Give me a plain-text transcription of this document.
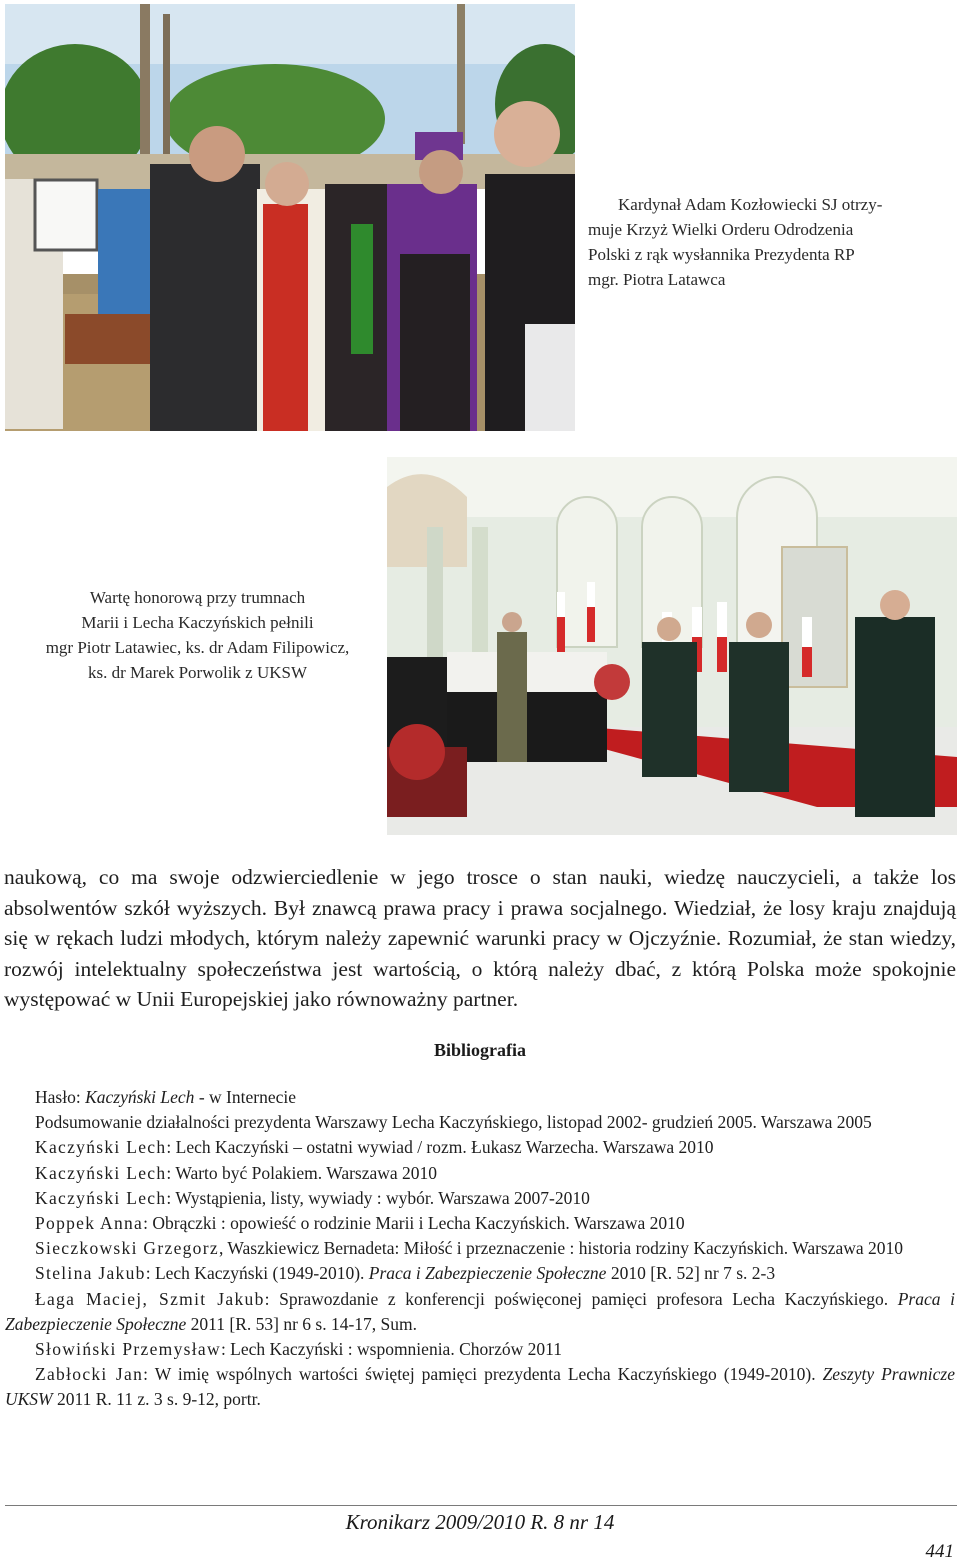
Kardynał Adam Kozłowiecki SJ otrzy-
muje Krzyż Wielki Orderu Odrodzenia
Polski z rąk wysłannika Prezydenta RP
mgr. Piotra Latawca
Wartę honorową przy trumnach
Marii i Lecha Kaczyńskich pełnili
mgr Piotr Latawiec, ks. dr Adam Filipowicz,
ks. dr Marek Porwolik z UKSW

naukową, co ma swoje odzwierciedlenie w jego trosce o stan nauki, wiedzę nauczycieli, a także los absolwentów szkół wyższych. Był znawcą prawa pracy i prawa socjalnego. Wiedział, że losy kraju znajdują się w rękach ludzi młodych, którym należy zapewnić warunki pracy w Ojczyźnie. Rozumiał, że stan wiedzy, rozwój intelektualny społeczeństwa jest wartością, o którą należy dbać, z którą Polska może spokojnie występować w Unii Europejskiej jako równoważny partner.

Bibliografia
Hasło: Kaczyński Lech - w Internecie
Podsumowanie działalności prezydenta Warszawy Lecha Kaczyńskiego, listopad 2002- grudzień 2005. Warszawa 2005
Kaczyński Lech: Lech Kaczyński – ostatni wywiad / rozm. Łukasz Warzecha. Warszawa 2010
Kaczyński Lech: Warto być Polakiem. Warszawa 2010
Kaczyński Lech: Wystąpienia, listy, wywiady : wybór. Warszawa 2007-2010
Poppek Anna: Obrączki : opowieść o rodzinie Marii i Lecha Kaczyńskich. Warszawa 2010
Sieczkowski Grzegorz, Waszkiewicz Bernadeta: Miłość i przeznaczenie : historia rodziny Kaczyńskich. Warszawa 2010
Stelina Jakub: Lech Kaczyński (1949-2010). Praca i Zabezpieczenie Społeczne 2010 [R. 52] nr 7 s. 2-3
Łaga Maciej, Szmit Jakub: Sprawozdanie z konferencji poświęconej pamięci profesora Lecha Kaczyńskiego. Praca i Zabezpieczenie Społeczne 2011 [R. 53] nr 6 s. 14-17, Sum.
Słowiński Przemysław: Lech Kaczyński : wspomnienia. Chorzów 2011
Zabłocki Jan: W imię wspólnych wartości świętej pamięci prezydenta Lecha Kaczyńskiego (1949-2010). Zeszyty Prawnicze UKSW 2011 R. 11 z. 3 s. 9-12, portr.
Kronikarz 2009/2010 R. 8 nr 14
441
